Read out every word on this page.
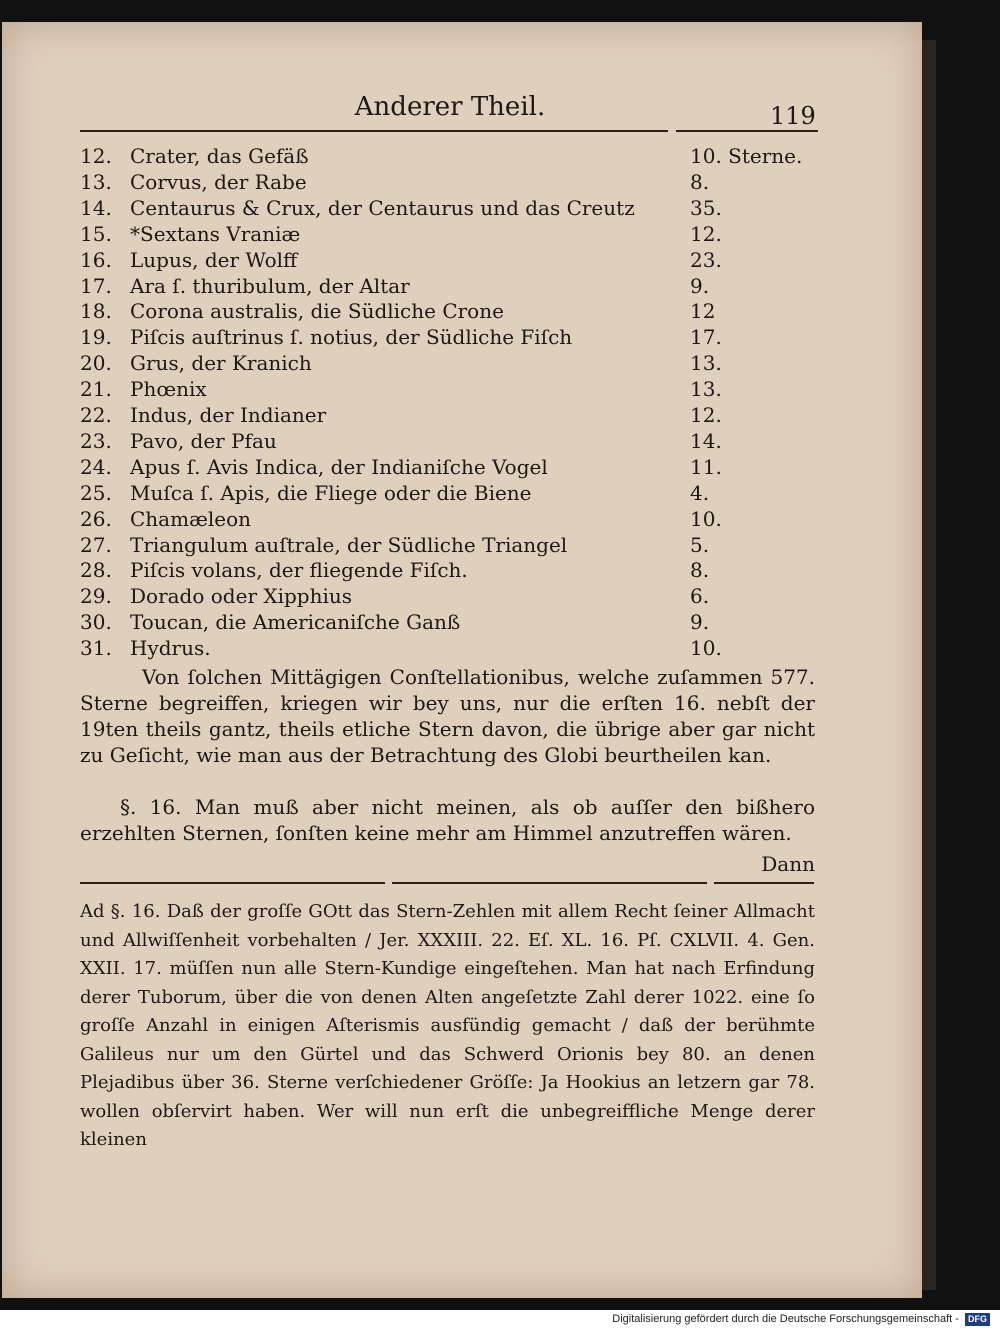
Anderer Theil.	119
12. Crater, das Gefäß	10. Sterne.
13. Corvus, der Rabe	8.
14. Centaurus & Crux, der Centaurus und das Creutz	35.
15. *Sextans Vraniæ	12.
16. Lupus, der Wolff	23.
17. Ara ſ. thuribulum, der Altar	9.
18. Corona australis, die Südliche Crone	12
19. Piſcis auſtrinus ſ. notius, der Südliche Fiſch	17.
20. Grus, der Kranich	13.
21. Phœnix	13.
22. Indus, der Indianer	12.
23. Pavo, der Pfau	14.
24. Apus ſ. Avis Indica, der Indianiſche Vogel	11.
25. Muſca ſ. Apis, die Fliege oder die Biene	4.
26. Chamæleon	10.
27. Triangulum auſtrale, der Südliche Triangel	5.
28. Piſcis volans, der fliegende Fiſch.	8.
29. Dorado oder Xipphius	6.
30. Toucan, die Americaniſche Ganß	9.
31. Hydrus.	10.
Von ſolchen Mittägigen Conſtellationibus, welche zuſammen 577. Sterne begreiffen, kriegen wir bey uns, nur die erſten 16. nebſt der 19ten theils gantz, theils etliche Stern davon, die übrige aber gar nicht zu Geſicht, wie man aus der Betrachtung des Globi beurtheilen kan.
§. 16. Man muß aber nicht meinen, als ob auſſer den bißhero erzehlten Sternen, ſonſten keine mehr am Himmel anzutreffen wären.
Dann
Ad §. 16. Daß der groſſe GOtt das Stern-Zehlen mit allem Recht ſeiner Allmacht und Allwiſſenheit vorbehalten / Jer. XXXIII. 22. Eſ. XL. 16. Pſ. CXLVII. 4. Gen. XXII. 17. müſſen nun alle Stern-Kundige eingeſtehen. Man hat nach Erfindung derer Tuborum, über die von denen Alten angeſetzte Zahl derer 1022. eine ſo groſſe Anzahl in einigen Aſterismis ausfündig gemacht / daß der berühmte Galileus nur um den Gürtel und das Schwerd Orionis bey 80. an denen Plejadibus über 36. Sterne verſchiedener Gröſſe: Ja Hookius an letzern gar 78. wollen obſervirt haben. Wer will nun erſt die unbegreiffliche Menge derer kleinen
Digitalisierung gefördert durch die Deutsche Forschungsgemeinschaft - DFG
